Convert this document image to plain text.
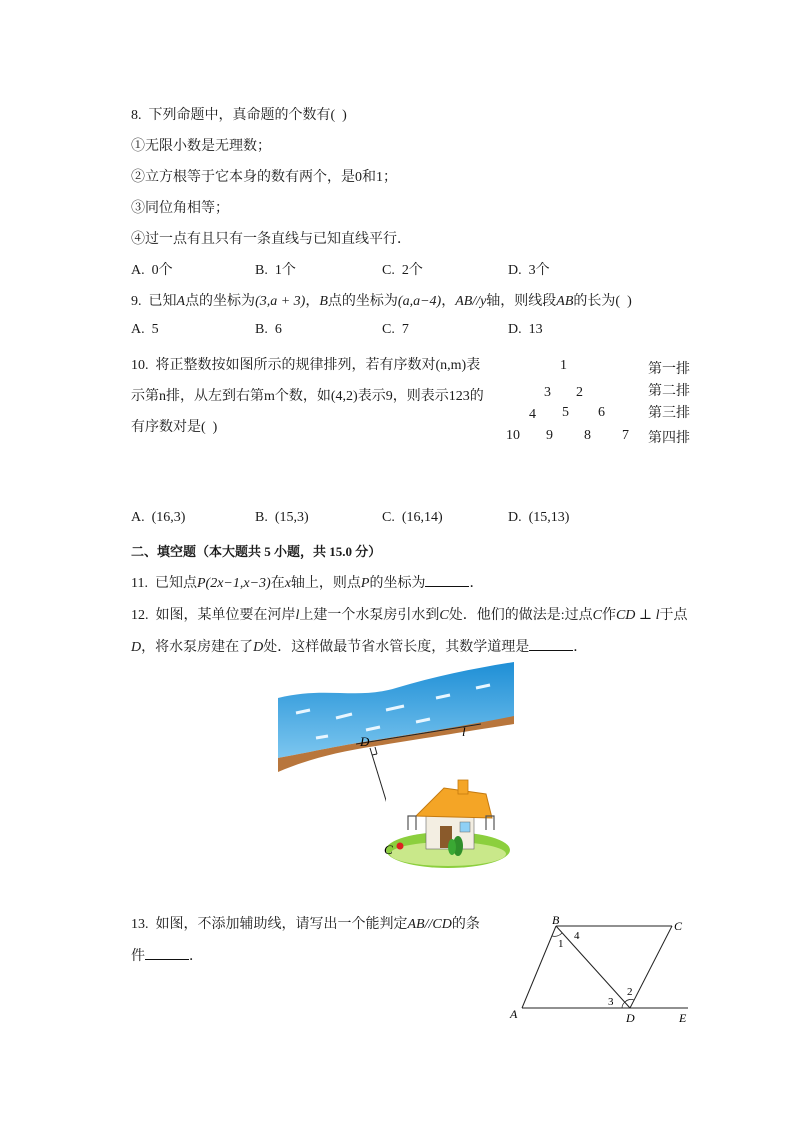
8.  下列命题中，真命题的个数有(  )
①无限小数是无理数；
②立方根等于它本身的数有两个，是0和1；
③同位角相等；
④过一点有且只有一条直线与已知直线平行．
A.  0个	B.  1个	C.  2个	D.  3个
9.  已知A点的坐标为(3,a + 3)，B点的坐标为(a,a−4)，AB//y轴，则线段AB的长为(  )
A.  5	B.  6	C.  7	D.  13
10.  将正整数按如图所示的规律排列，若有序数对(n,m)表
示第n排，从左到右第m个数，如(4,2)表示9，则表示123的
有序数对是(  )
1	第一排
3 2	第二排
4 5 6	第三排
10 9 8 7 第四排
A.  (16,3)	B.  (15,3)	C.  (16,14)	D.  (15,13)
二、填空题（本大题共 5 小题，共 15.0 分）
11.  已知点P(2x−1,x−3)在x轴上，则点P的坐标为	．
12.  如图，某单位要在河岸l上建一个水泵房引水到C处．他们的做法是:过点C作CD ⊥ l于点
D，将水泵房建在了D处．这样做最节省水管长度，其数学道理是	．
l
D
C
13.  如图，不添加辅助线，请写出一个能判定AB//CD的条
件	．
B	C
A	D	E
1
4
3
2
